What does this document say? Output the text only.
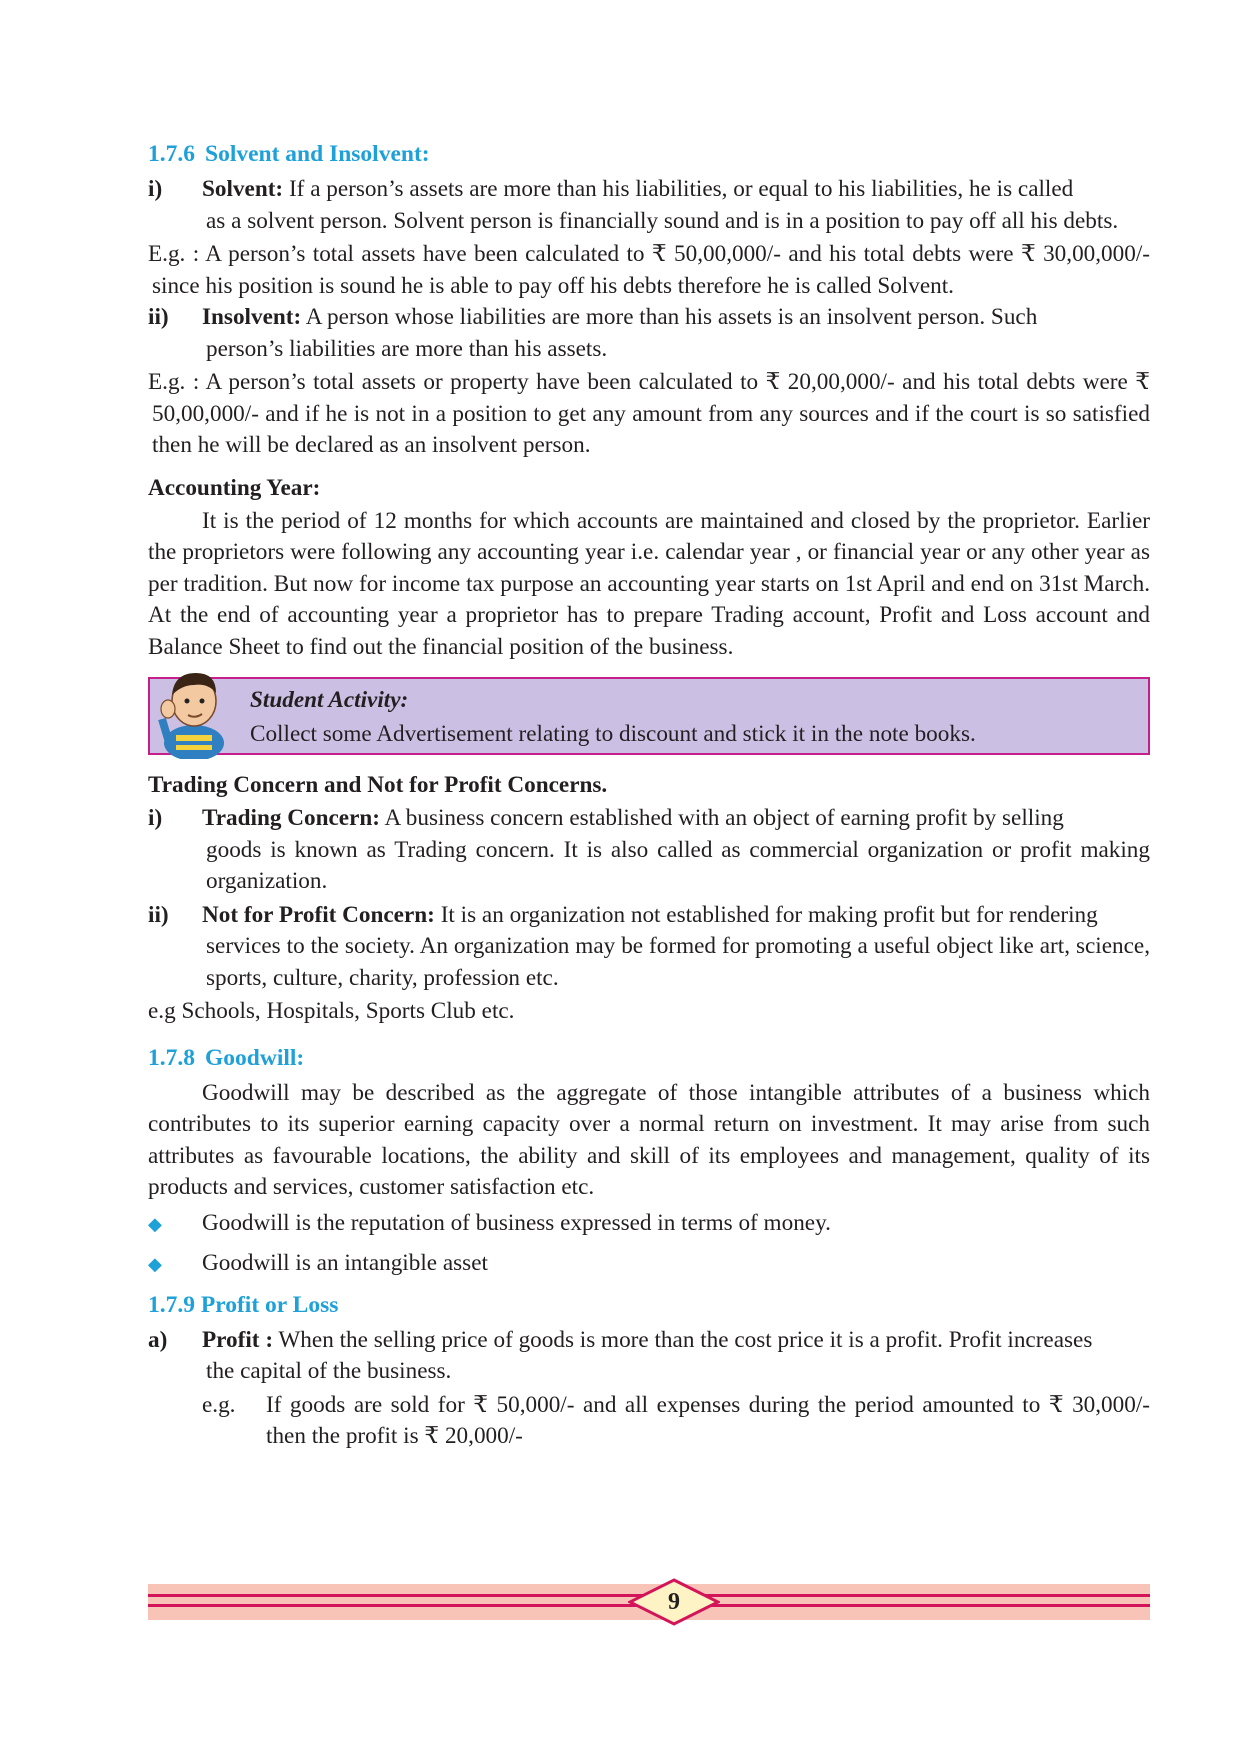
1.7.6 Solvent and Insolvent:
i)	Solvent: If a person’s assets are more than his liabilities, or equal to his liabilities, he is called
as a solvent person. Solvent person is financially sound and is in a position to pay off all his debts.

E.g. : A person’s total assets have been calculated to ₹ 50,00,000/- and his total debts were ₹ 30,00,000/- since his position is sound he is able to pay off his debts therefore he is called Solvent.

ii)	Insolvent: A person whose liabilities are more than his assets is an insolvent person. Such
person’s liabilities are more than his assets.

E.g. : A person’s total assets or property have been calculated to ₹ 20,00,000/- and his total debts were ₹ 50,00,000/- and if he is not in a position to get any amount from any sources and if the court is so satisfied then he will be declared as an insolvent person.

Accounting Year:

It is the period of 12 months for which accounts are maintained and closed by the proprietor. Earlier the proprietors were following any accounting year i.e. calendar year , or financial year or any other year as per tradition. But now for income tax purpose an accounting year starts on 1st April and end on 31st March. At the end of accounting year a proprietor has to prepare Trading account, Profit and Loss account and Balance Sheet to find out the financial position of the business.

Student Activity:
Collect some Advertisement relating to discount and stick it in the note books.
Trading Concern and Not for Profit Concerns.
i)	Trading Concern: A business concern established with an object of earning profit by selling
goods is known as Trading concern. It is also called as commercial organization or profit making organization.
ii)	Not for Profit Concern: It is an organization not established for making profit but for rendering
services to the society. An organization may be formed for promoting a useful object like art, science, sports, culture, charity, profession etc.

e.g Schools, Hospitals, Sports Club etc.

1.7.8 Goodwill:

Goodwill may be described as the aggregate of those intangible attributes of a business which contributes to its superior earning capacity over a normal return on investment. It may arise from such attributes as favourable locations, the ability and skill of its employees and management, quality of its products and services, customer satisfaction etc.

◆	Goodwill is the reputation of business expressed in terms of money.
◆	Goodwill is an intangible asset
1.7.9 Profit or Loss
a)	Profit : When the selling price of goods is more than the cost price it is a profit. Profit increases
the capital of the business.
e.g.	If goods are sold for ₹ 50,000/- and all expenses during the period amounted to ₹ 30,000/- then the profit is ₹ 20,000/-
9
